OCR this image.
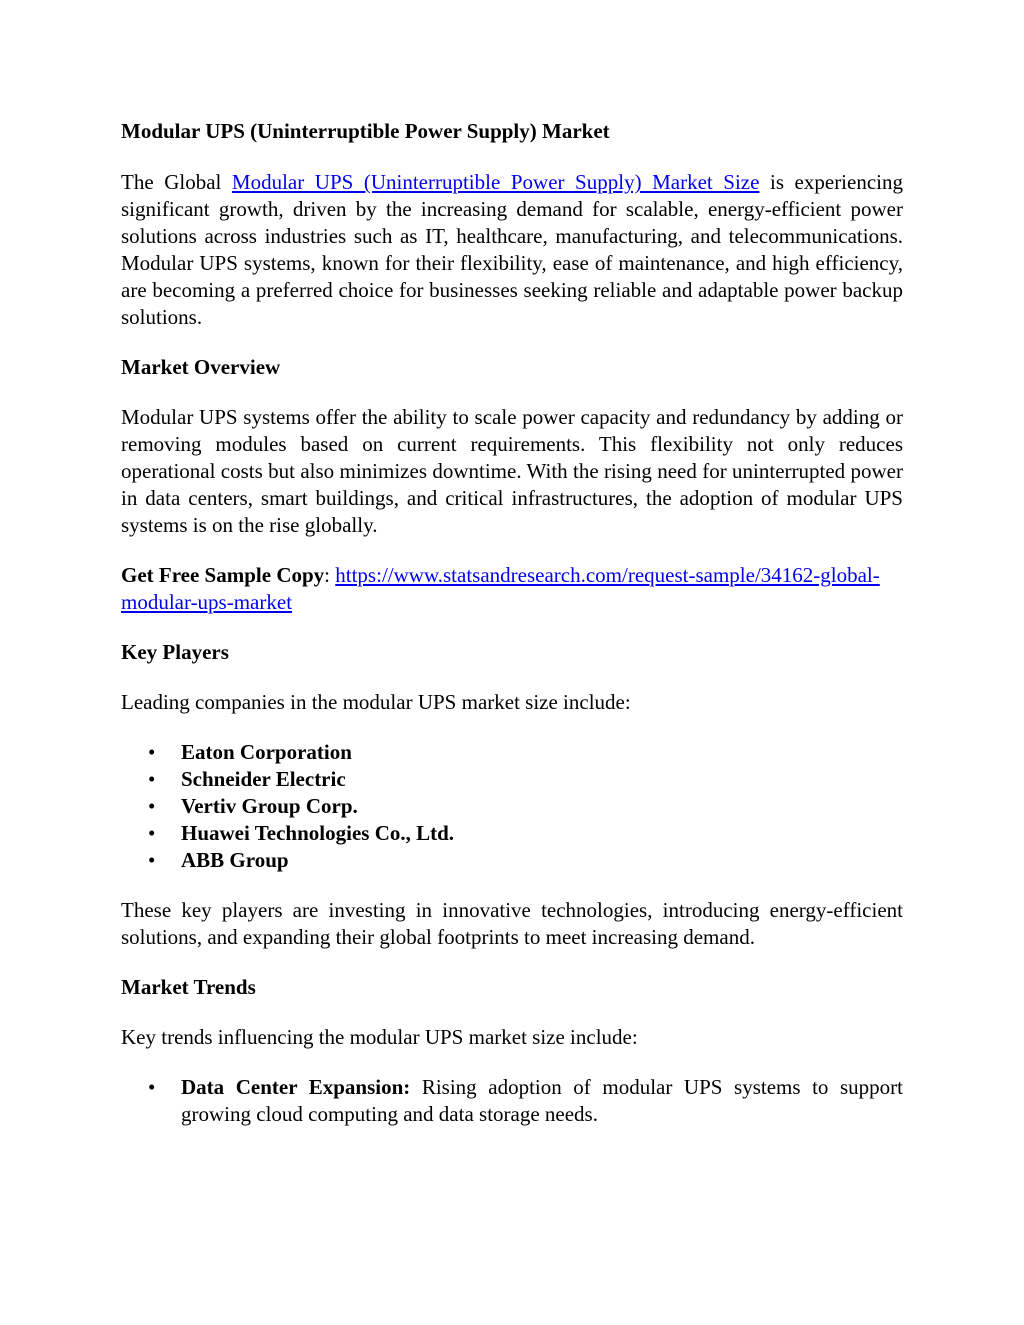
Modular UPS (Uninterruptible Power Supply) Market

The Global Modular UPS (Uninterruptible Power Supply) Market Size is experiencing significant growth, driven by the increasing demand for scalable, energy-efficient power solutions across industries such as IT, healthcare, manufacturing, and telecommunications. Modular UPS systems, known for their flexibility, ease of maintenance, and high efficiency, are becoming a preferred choice for businesses seeking reliable and adaptable power backup solutions.

Market Overview

Modular UPS systems offer the ability to scale power capacity and redundancy by adding or removing modules based on current requirements. This flexibility not only reduces operational costs but also minimizes downtime. With the rising need for uninterrupted power in data centers, smart buildings, and critical infrastructures, the adoption of modular UPS systems is on the rise globally.

Get Free Sample Copy: https://www.statsandresearch.com/request-sample/34162-global-modular-ups-market

Key Players

Leading companies in the modular UPS market size include:

• Eaton Corporation
• Schneider Electric
• Vertiv Group Corp.
• Huawei Technologies Co., Ltd.
• ABB Group

These key players are investing in innovative technologies, introducing energy-efficient solutions, and expanding their global footprints to meet increasing demand.

Market Trends

Key trends influencing the modular UPS market size include:

• Data Center Expansion: Rising adoption of modular UPS systems to support growing cloud computing and data storage needs.
